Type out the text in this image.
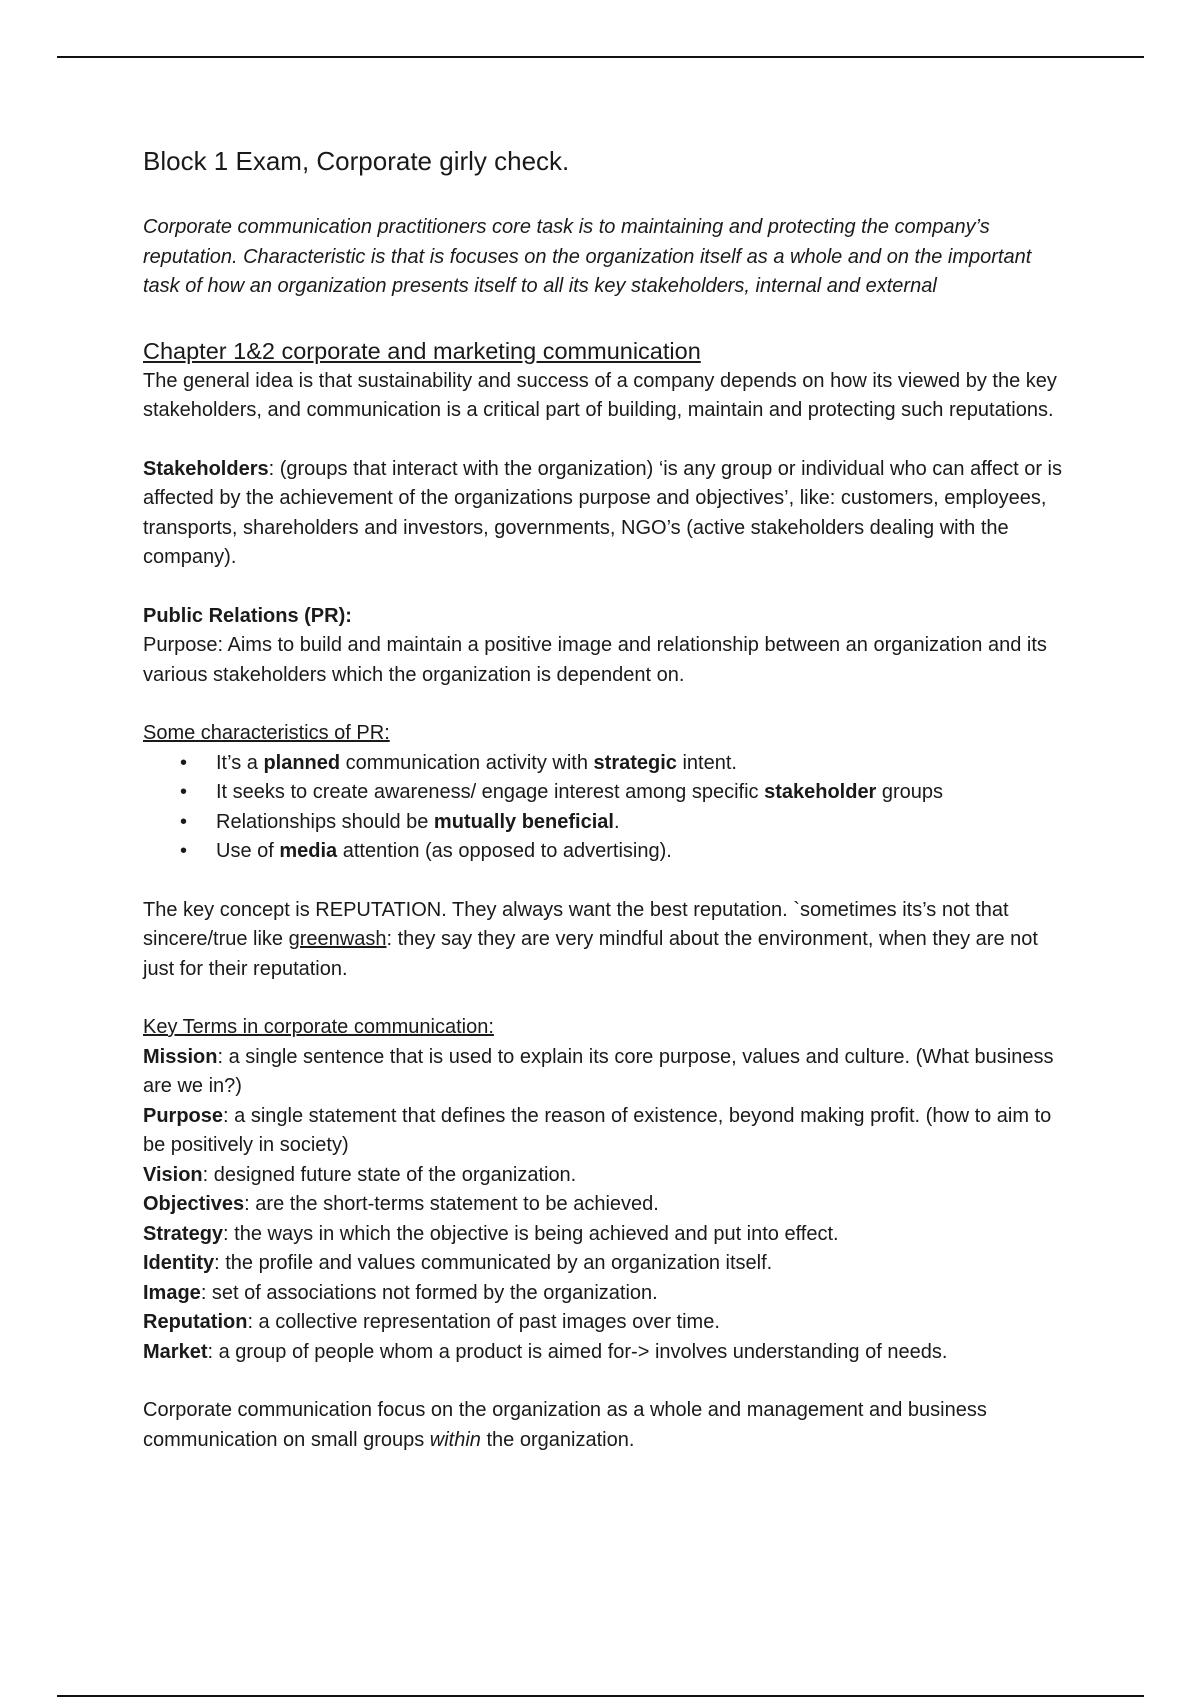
Block 1 Exam, Corporate girly check.

Corporate communication practitioners core task is to maintaining and protecting the company’s reputation. Characteristic is that is focuses on the organization itself as a whole and on the important task of how an organization presents itself to all its key stakeholders, internal and external

Chapter 1&2 corporate and marketing communication

The general idea is that sustainability and success of a company depends on how its viewed by the key stakeholders, and communication is a critical part of building, maintain and protecting such reputations.

Stakeholders: (groups that interact with the organization) ‘is any group or individual who can affect or is affected by the achievement of the organizations purpose and objectives’, like: customers, employees, transports, shareholders and investors, governments, NGO’s (active stakeholders dealing with the company).

Public Relations (PR):

Purpose: Aims to build and maintain a positive image and relationship between an organization and its various stakeholders which the organization is dependent on.

Some characteristics of PR:

• It’s a planned communication activity with strategic intent.
• It seeks to create awareness/ engage interest among specific stakeholder groups
• Relationships should be mutually beneficial.
• Use of media attention (as opposed to advertising).

The key concept is REPUTATION. They always want the best reputation. `sometimes its’s not that sincere/true like greenwash: they say they are very mindful about the environment, when they are not just for their reputation.

Key Terms in corporate communication:

Mission: a single sentence that is used to explain its core purpose, values and culture. (What business are we in?)

Purpose: a single statement that defines the reason of existence, beyond making profit. (how to aim to be positively in society)

Vision: designed future state of the organization.

Objectives: are the short-terms statement to be achieved.

Strategy: the ways in which the objective is being achieved and put into effect.

Identity: the profile and values communicated by an organization itself.

Image: set of associations not formed by the organization.

Reputation: a collective representation of past images over time.

Market: a group of people whom a product is aimed for-> involves understanding of needs.

Corporate communication focus on the organization as a whole and management and business communication on small groups within the organization.
